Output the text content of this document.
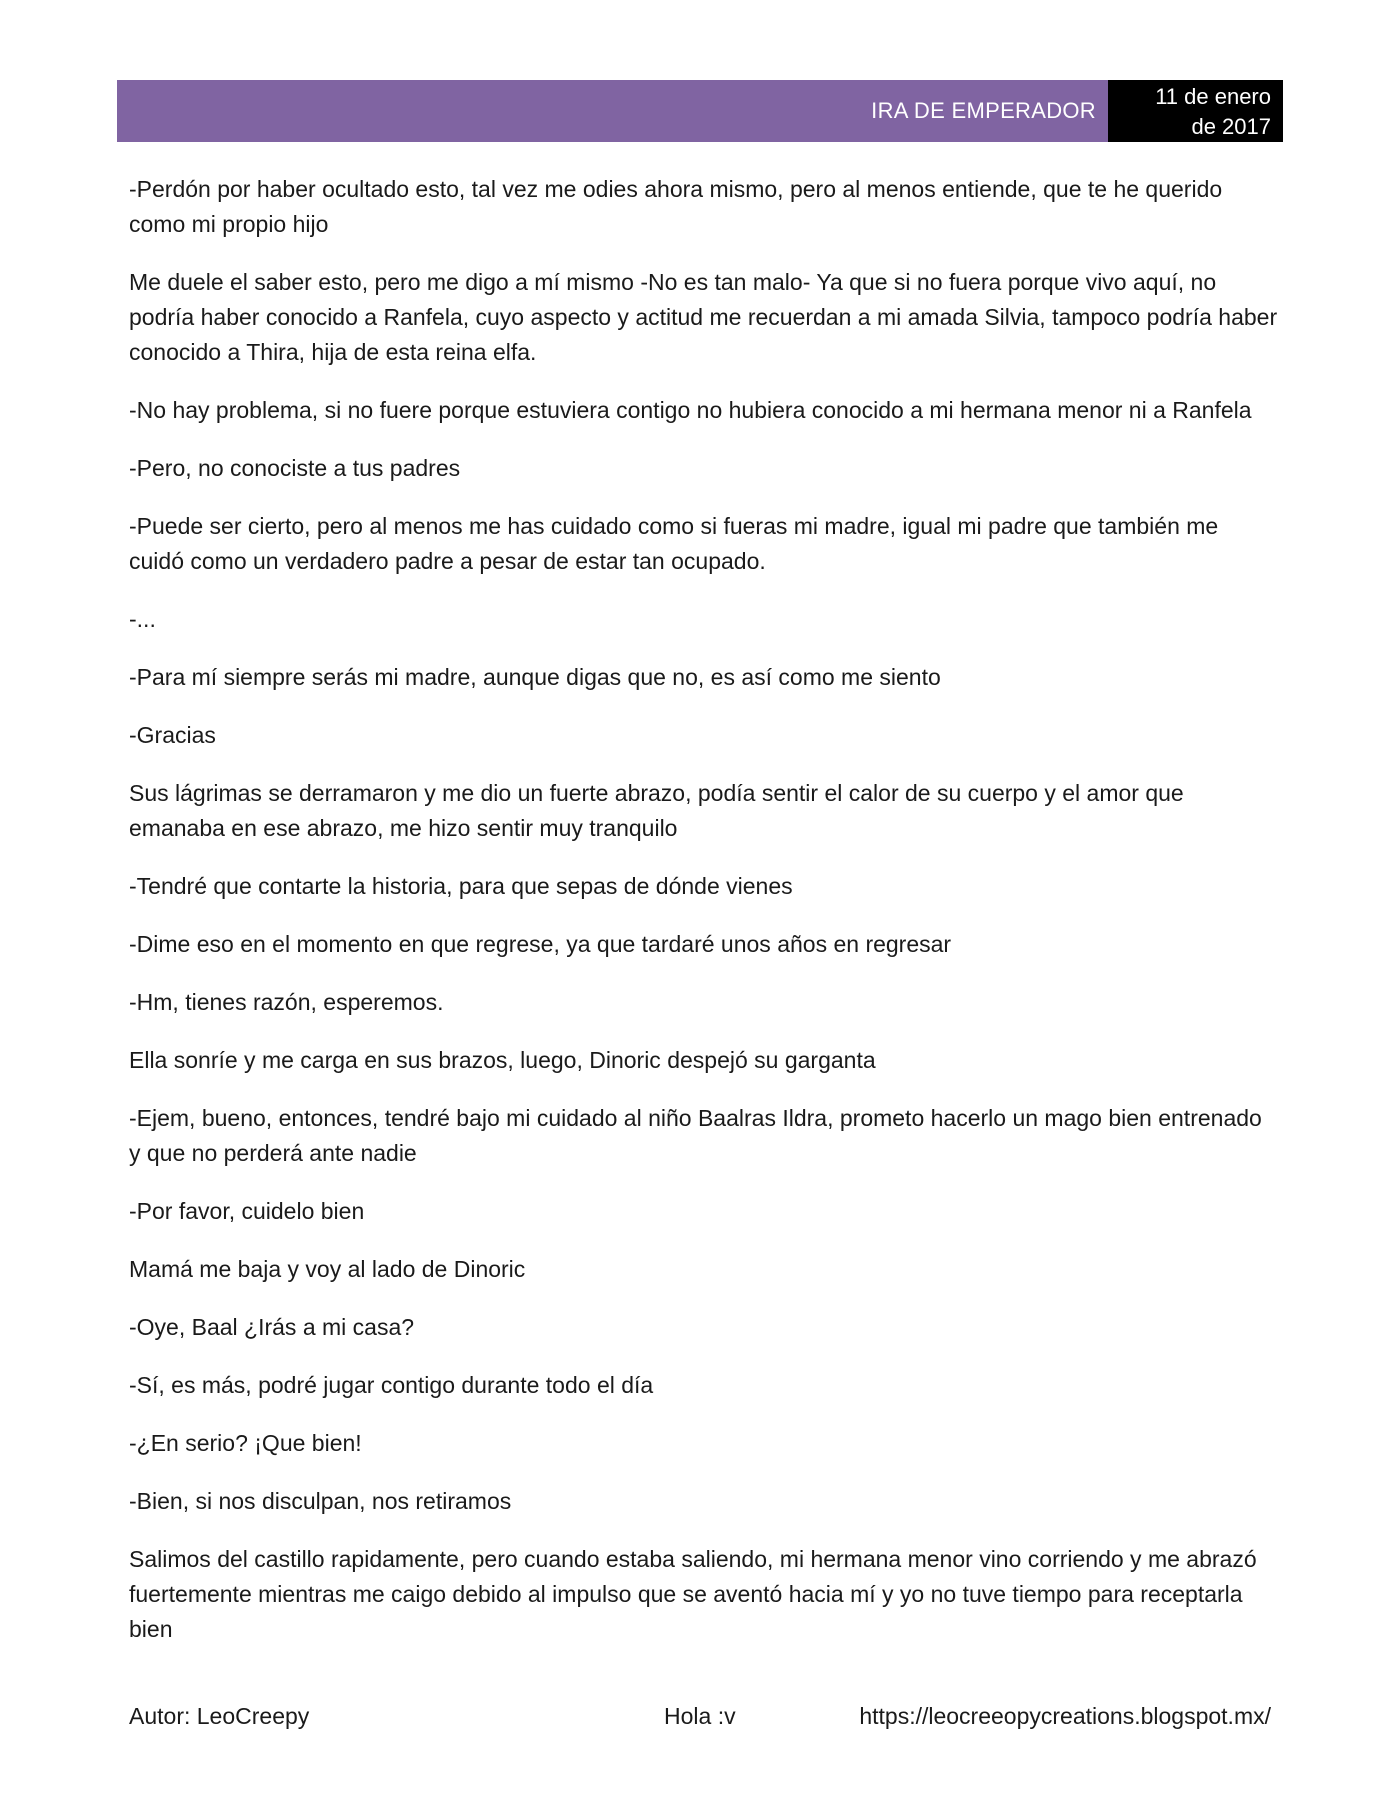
IRA DE EMPERADOR
11 de enero
de 2017

-Perdón por haber ocultado esto, tal vez me odies ahora mismo, pero al menos entiende, que te he querido como mi propio hijo

Me duele el saber esto, pero me digo a mí mismo -No es tan malo- Ya que si no fuera porque vivo aquí, no podría haber conocido a Ranfela, cuyo aspecto y actitud me recuerdan a mi amada Silvia, tampoco podría haber conocido a Thira, hija de esta reina elfa.

-No hay problema, si no fuere porque estuviera contigo no hubiera conocido a mi hermana menor ni a Ranfela

-Pero, no conociste a tus padres

-Puede ser cierto, pero al menos me has cuidado como si fueras mi madre, igual mi padre que también me cuidó como un verdadero padre a pesar de estar tan ocupado.

-...

-Para mí siempre serás mi madre, aunque digas que no, es así como me siento

-Gracias

Sus lágrimas se derramaron y me dio un fuerte abrazo, podía sentir el calor de su cuerpo y el amor que emanaba en ese abrazo, me hizo sentir muy tranquilo

-Tendré que contarte la historia, para que sepas de dónde vienes

-Dime eso en el momento en que regrese, ya que tardaré unos años en regresar

-Hm, tienes razón, esperemos.

Ella sonríe y me carga en sus brazos, luego, Dinoric despejó su garganta

-Ejem, bueno, entonces, tendré bajo mi cuidado al niño Baalras Ildra, prometo hacerlo un mago bien entrenado y que no perderá ante nadie

-Por favor, cuidelo bien

Mamá me baja y voy al lado de Dinoric

-Oye, Baal ¿Irás a mi casa?

-Sí, es más, podré jugar contigo durante todo el día

-¿En serio? ¡Que bien!

-Bien, si nos disculpan, nos retiramos

Salimos del castillo rapidamente, pero cuando estaba saliendo, mi hermana menor vino corriendo y me abrazó fuertemente mientras me caigo debido al impulso que se aventó hacia mí y yo no tuve tiempo para receptarla bien

Autor: LeoCreepy	Hola :v	https://leocreeopycreations.blogspot.mx/
